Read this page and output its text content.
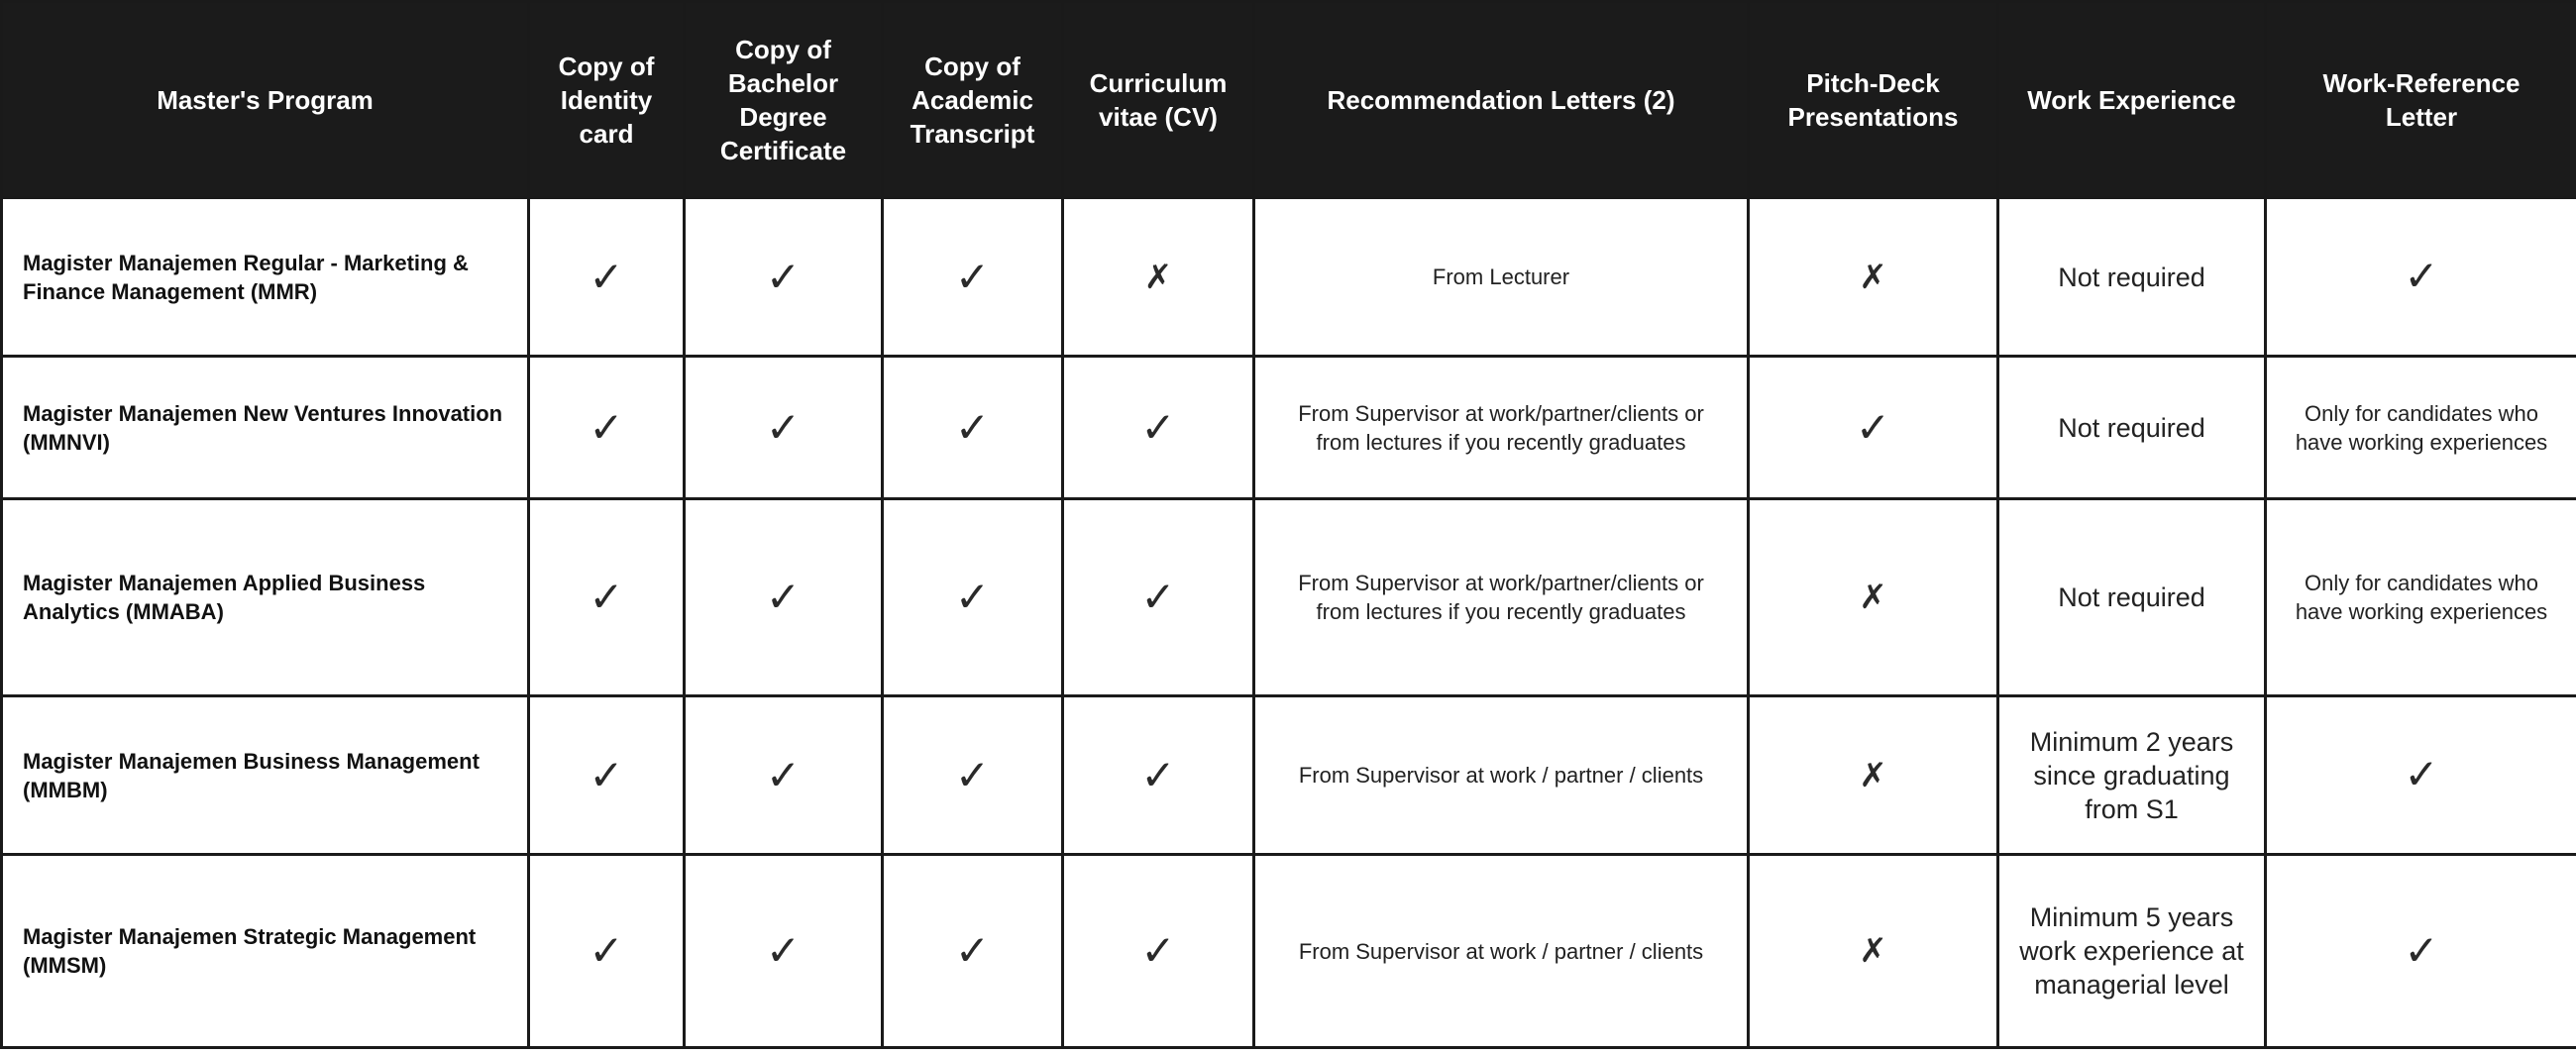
Master's Program	Copy of Identity card	Copy of Bachelor Degree Certificate	Copy of Academic Transcript	Curriculum vitae (CV)	Recommendation Letters (2)	Pitch-Deck Presentations	Work Experience	Work-Reference Letter
Magister Manajemen Regular - Marketing & Finance Management (MMR)	✓	✓	✓	✗	From Lecturer	✗	Not required	✓
Magister Manajemen New Ventures Innovation (MMNVI)	✓	✓	✓	✓	From Supervisor at work/partner/clients or from lectures if you recently graduates	✓	Not required	Only for candidates who have working experiences
Magister Manajemen Applied Business Analytics (MMABA)	✓	✓	✓	✓	From Supervisor at work/partner/clients or from lectures if you recently graduates	✗	Not required	Only for candidates who have working experiences
Magister Manajemen Business Management (MMBM)	✓	✓	✓	✓	From Supervisor at work / partner / clients	✗	Minimum 2 years since graduating from S1	✓
Magister Manajemen Strategic Management (MMSM)	✓	✓	✓	✓	From Supervisor at work / partner / clients	✗	Minimum 5 years work experience at managerial level	✓
